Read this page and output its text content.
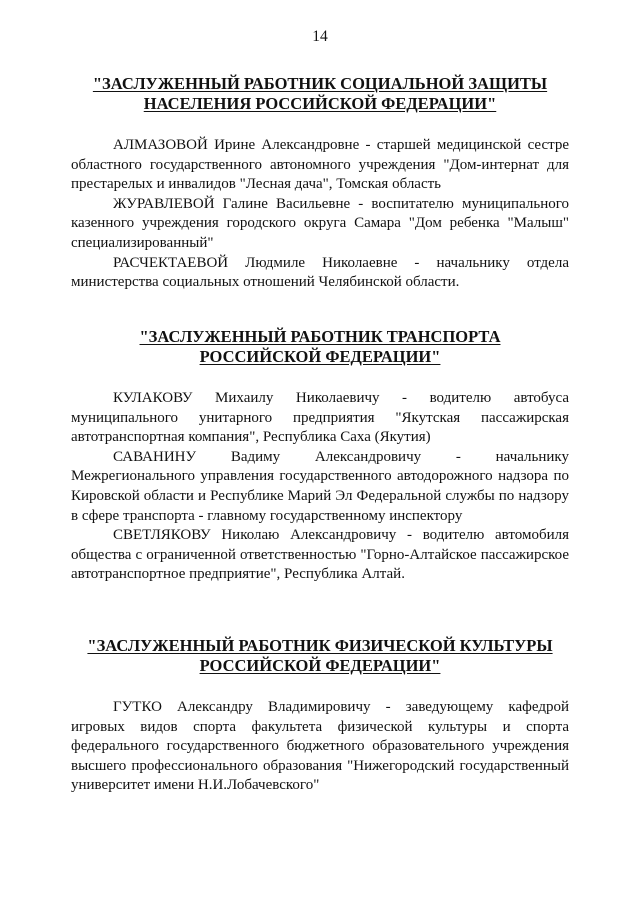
14
"ЗАСЛУЖЕННЫЙ РАБОТНИК СОЦИАЛЬНОЙ ЗАЩИТЫ
НАСЕЛЕНИЯ РОССИЙСКОЙ ФЕДЕРАЦИИ"

АЛМАЗОВОЙ Ирине Александровне - старшей медицинской сестре областного государственного автономного учреждения "Дом-интернат для престарелых и инвалидов "Лесная дача", Томская область

ЖУРАВЛЕВОЙ Галине Васильевне - воспитателю муниципального казенного учреждения городского округа Самара "Дом ребенка "Малыш" специализированный"

РАСЧЕКТАЕВОЙ Людмиле Николаевне - начальнику отдела министерства социальных отношений Челябинской области.

"ЗАСЛУЖЕННЫЙ РАБОТНИК ТРАНСПОРТА
РОССИЙСКОЙ ФЕДЕРАЦИИ"

КУЛАКОВУ Михаилу Николаевичу - водителю автобуса муниципального унитарного предприятия "Якутская пассажирская автотранспортная компания", Республика Саха (Якутия)

САВАНИНУ Вадиму Александровичу - начальнику Межрегионального управления государственного автодорожного надзора по Кировской области и Республике Марий Эл Федеральной службы по надзору в сфере транспорта - главному государственному инспектору

СВЕТЛЯКОВУ Николаю Александровичу - водителю автомобиля общества с ограниченной ответственностью "Горно-Алтайское пассажирское автотранспортное предприятие", Республика Алтай.

"ЗАСЛУЖЕННЫЙ РАБОТНИК ФИЗИЧЕСКОЙ КУЛЬТУРЫ
РОССИЙСКОЙ ФЕДЕРАЦИИ"

ГУТКО Александру Владимировичу - заведующему кафедрой игровых видов спорта факультета физической культуры и спорта федерального государственного бюджетного образовательного учреждения высшего профессионального образования "Нижегородский государственный университет имени Н.И.Лобачевского"
